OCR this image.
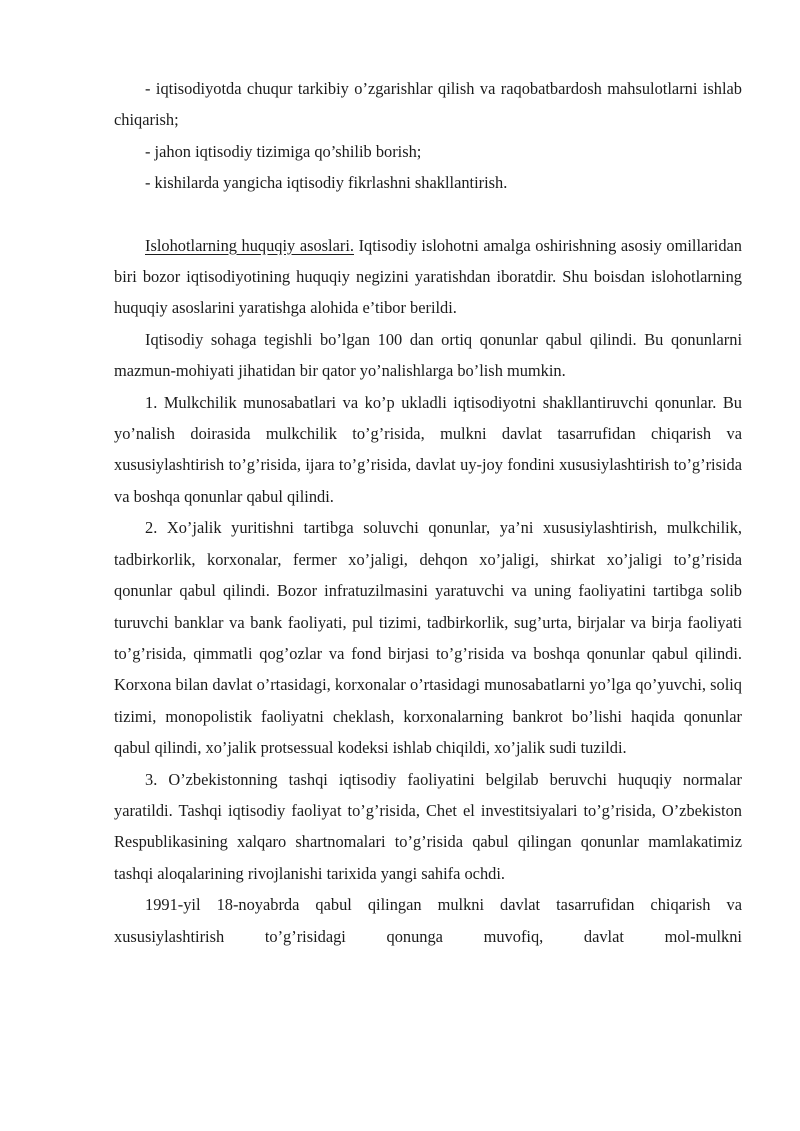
- iqtisodiyotda chuqur tarkibiy o’zgarishlar qilish va raqobatbardosh mahsulotlarni ishlab chiqarish;

- jahon iqtisodiy tizimiga qo’shilib borish;

- kishilarda yangicha iqtisodiy fikrlashni shakllantirish.

Islohotlarning huquqiy asoslari. Iqtisodiy islohotni amalga oshirishning asosiy omillaridan biri bozor iqtisodiyotining huquqiy negizini yaratishdan iboratdir. Shu boisdan islohotlarning huquqiy asoslarini yaratishga alohida e’tibor berildi.

Iqtisodiy sohaga tegishli bo’lgan 100 dan ortiq qonunlar qabul qilindi. Bu qonunlarni mazmun-mohiyati jihatidan bir qator yo’nalishlarga bo’lish mumkin.

1. Mulkchilik munosabatlari va ko’p ukladli iqtisodiyotni shakllantiruvchi qonunlar. Bu yo’nalish doirasida mulkchilik to’g’risida, mulkni davlat tasarrufidan chiqarish va xususiylashtirish to’g’risida, ijara to’g’risida, davlat uy-joy fondini xususiylashtirish to’g’risida va boshqa qonunlar qabul qilindi.

2. Xo’jalik yuritishni tartibga soluvchi qonunlar, ya’ni xususiylashtirish, mulkchilik, tadbirkorlik, korxonalar, fermer xo’jaligi, dehqon xo’jaligi, shirkat xo’jaligi to’g’risida qonunlar qabul qilindi. Bozor infratuzilmasini yaratuvchi va uning faoliyatini tartibga solib turuvchi banklar va bank faoliyati, pul tizimi, tadbirkorlik, sug’urta, birjalar va birja faoliyati to’g’risida, qimmatli qog’ozlar va fond birjasi to’g’risida va boshqa qonunlar qabul qilindi. Korxona bilan davlat o’rtasidagi, korxonalar o’rtasidagi munosabatlarni yo’lga qo’yuvchi, soliq tizimi, monopolistik faoliyatni cheklash, korxonalarning bankrot bo’lishi haqida qonunlar qabul qilindi, xo’jalik protsessual kodeksi ishlab chiqildi, xo’jalik sudi tuzildi.

3. O’zbekistonning tashqi iqtisodiy faoliyatini belgilab beruvchi huquqiy normalar yaratildi. Tashqi iqtisodiy faoliyat to’g’risida, Chet el investitsiyalari to’g’risida, O’zbekiston Respublikasining xalqaro shartnomalari to’g’risida qabul qilingan qonunlar mamlakatimiz tashqi aloqalarining rivojlanishi tarixida yangi sahifa ochdi.

1991-yil 18-noyabrda qabul qilingan mulkni davlat tasarrufidan chiqarish va xususiylashtirish to’g’risidagi qonunga muvofiq, davlat mol-mulkni
